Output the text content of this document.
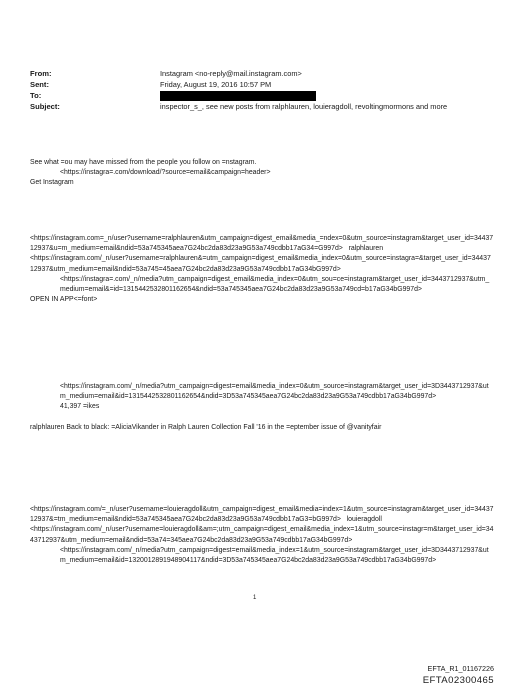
From:	Instagram <no-reply@mail.instagram.com>
Sent:	Friday, August 19, 2016 10:57 PM
To:
Subject:	inspector_s_, see new posts from ralphlauren, louieragdoll, revoltingmormons and more
See what =ou may have missed from the people you follow on =nstagram.
<https://instagra=.com/download/?source=email&campaign=header>
Get Instagram
<https://instagram.com=_n/user?username=ralphlauren&utm_campaign=digest_email&media_=ndex=0&utm_source=instagram&target_user_id=3443712937&u=m_medium=email&ndid=53a745345aea7G24bc2da83d23a9G53a749cdbb17aG34=G997d>   ralphlauren
<https://instagram.com/_n/user?username=ralphlauren&=utm_campaign=digest_email&media_index=0&utm_source=instagra=&target_user_id=3443712937&utm_medium=email&ndid=53a745=45aea7G24bc2da83d23a9G53a749cdbb17aG34bG997d>
<https://instagra=.com/_n/media?utm_campaign=digest_email&media_index=0&utm_sou=ce=instagram&target_user_id=3443712937&utm_medium=email&=id=1315442532801162654&ndid=53a745345aea7G24bc2da83d23a9G53a749cd=b17aG34bG997d>
OPEN IN APP<=font>
<https://instagram.com/_n/media?utm_campaign=digest=email&media_index=0&utm_source=instagram&target_user_id=3D3443712937&utm_medium=email&id=1315442532801162654&ndid=3D53a745345aea7G24bc2da83d23a9G53a749cdbb17aG34bG997d>
41,397 =ikes
ralphlauren Back to black: =AliciaVikander in Ralph Lauren Collection Fall '16 in the =eptember issue of @vanityfair
<https://instagram.com/=_n/user?username=louieragdoll&utm_campaign=digest_email&media=index=1&utm_source=instagram&target_user_id=3443712937&=tm_medium=email&ndid=53a745345aea7G24bc2da83d23a9G53a749cdbb17aG3=bG997d>   louieragdoll
<https://instagram.com/_n/user?username=louieragdoll&am=;utm_campaign=digest_email&media_index=1&utm_source=instagr=m&target_user_id=3443712937&utm_medium=email&ndid=53a74=345aea7G24bc2da83d23a9G53a749cdbb17aG34bG997d>
<https://instagram.com/_n/media?utm_campaign=digest=email&media_index=1&utm_source=instagram&target_user_id=3D3443712937&utm_medium=email&id=1320012891948904117&ndid=3D53a745345aea7G24bc2da83d23a9G53a749cdbb17aG34bG997d>
1
EFTA_R1_01167226
EFTA02300465
